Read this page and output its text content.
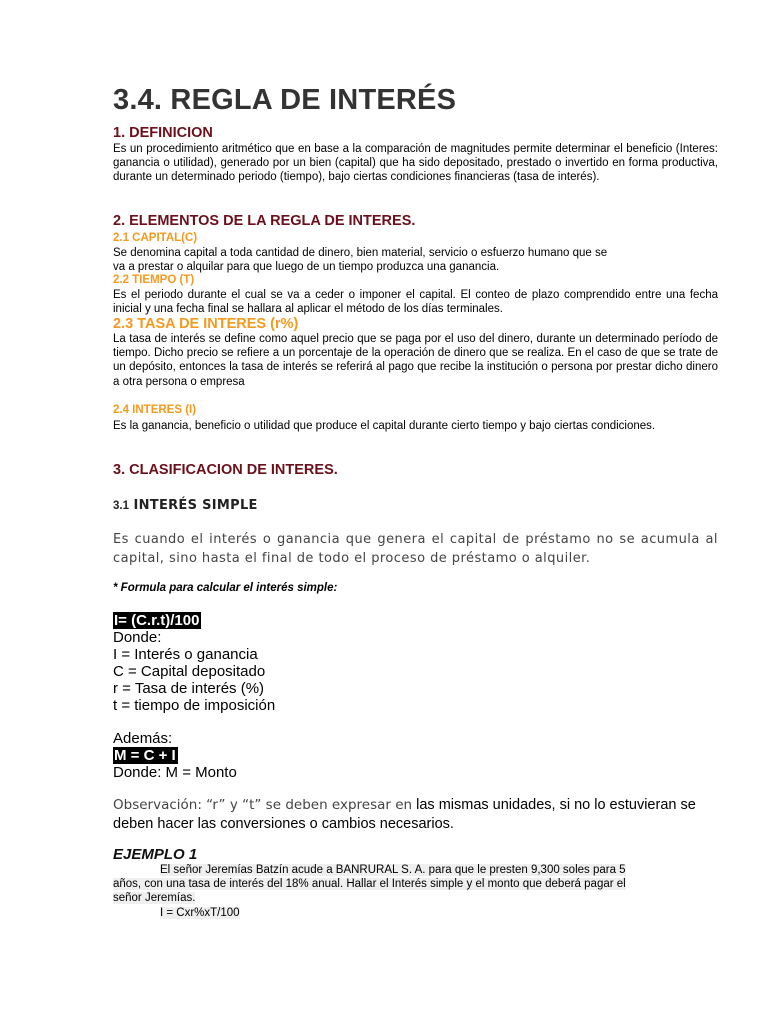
3.4. REGLA DE INTERÉS
1. DEFINICION
Es un procedimiento aritmético que en base a la comparación de magnitudes permite determinar el beneficio (Interes: ganancia o utilidad), generado por un bien (capital) que ha sido depositado, prestado o invertido en forma productiva, durante un determinado periodo (tiempo), bajo ciertas condiciones financieras (tasa de interés).
2. ELEMENTOS DE LA REGLA DE INTERES.
2.1 CAPITAL(C)
Se denomina capital a toda cantidad de dinero, bien material, servicio o esfuerzo humano que se
va a prestar o alquilar para que luego de un tiempo produzca una ganancia.
2.2 TIEMPO (T)
Es el periodo durante el cual se va a ceder o imponer el capital. El conteo de plazo comprendido entre una fecha inicial y una fecha final se hallara al aplicar el método de los días terminales.
2.3 TASA DE INTERES (r%)
La tasa de interés se define como aquel precio que se paga por el uso del dinero, durante un determinado período de tiempo. Dicho precio se refiere a un porcentaje de la operación de dinero que se realiza. En el caso de que se trate de un depósito, entonces la tasa de interés se referirá al pago que recibe la institución o persona por prestar dicho dinero a otra persona o empresa
2.4 INTERES (I)
Es la ganancia, beneficio o utilidad que produce el capital durante cierto tiempo y bajo ciertas condiciones.
3. CLASIFICACION DE INTERES.
3.1 INTERÉS SIMPLE
Es cuando el interés o ganancia que genera el capital de préstamo no se acumula al capital, sino hasta el final de todo el proceso de préstamo o alquiler.
* Formula para calcular el interés simple:
I= (C.r.t)/100
Donde:
I = Interés o ganancia
C = Capital depositado
r = Tasa de interés (%)
t = tiempo de imposición
Además:
M = C + I
Donde: M = Monto
Observación: “r” y “t” se deben expresar en las mismas unidades, si no lo estuvieran se deben hacer las conversiones o cambios necesarios.
EJEMPLO 1
El señor Jeremías Batzín acude a BANRURAL S. A. para que le presten 9,300 soles para 5
años, con una tasa de interés del 18% anual. Hallar el Interés simple y el monto que deberá pagar el
señor Jeremías.
I = Cxr%xT/100
